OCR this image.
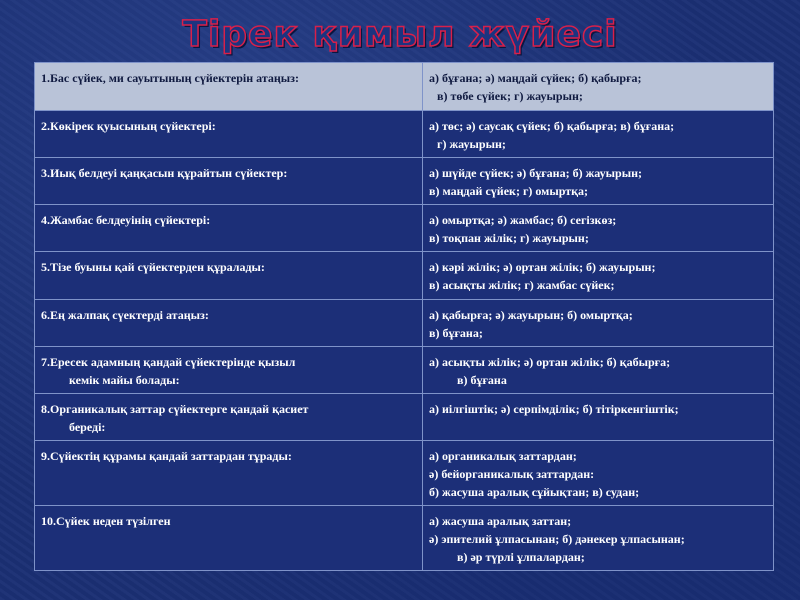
Тірек қимыл жүйесі
1.Бас сүйек, ми сауытының сүйектерін атаңыз:	а) бұғана; ә) маңдай сүйек; б) қабырға;
в) төбе сүйек; г) жауырын;

2.Көкірек қуысының сүйектері:	а) төс; ә) саусақ сүйек; б) қабырға; в) бұғана;
г) жауырын;

3.Иық белдеуі қаңқасын құрайтын сүйектер:	а) шүйде сүйек; ә) бұғана; б) жауырын;
в) маңдай сүйек; г) омыртқа;

4.Жамбас белдеуінің сүйектері:	а) омыртқа; ә) жамбас; б) сегізкөз;
в) тоқпан жілік; г) жауырын;

5.Тізе буыны қай сүйектерден құралады:	а) кәрі жілік; ә) ортан жілік; б) жауырын;
в) асықты жілік; г) жамбас сүйек;

6.Ең жалпақ сүектерді атаңыз:	а) қабырға; ә) жауырын; б) омыртқа;
в) бұғана;

7.Ересек адамның қандай сүйектерінде қызыл
кемік майы болады:	а) асықты жілік; ә) ортан жілік; б) қабырға;
в) бұғана

8.Органикалық заттар сүйектерге қандай қасиет
береді:	а) иілгіштік; ә) серпімділік; б) тітіркенгіштік;

9.Сүйектің құрамы қандай заттардан тұрады:	а) органикалық заттардан;
ә) бейорганикалық заттардан:
б) жасуша аралық сұйықтан; в) судан;

10.Сүйек неден түзілген	а) жасуша аралық заттан;
ә) эпителий ұлпасынан; б) дәнекер ұлпасынан;
в) әр түрлі ұлпалардан;
